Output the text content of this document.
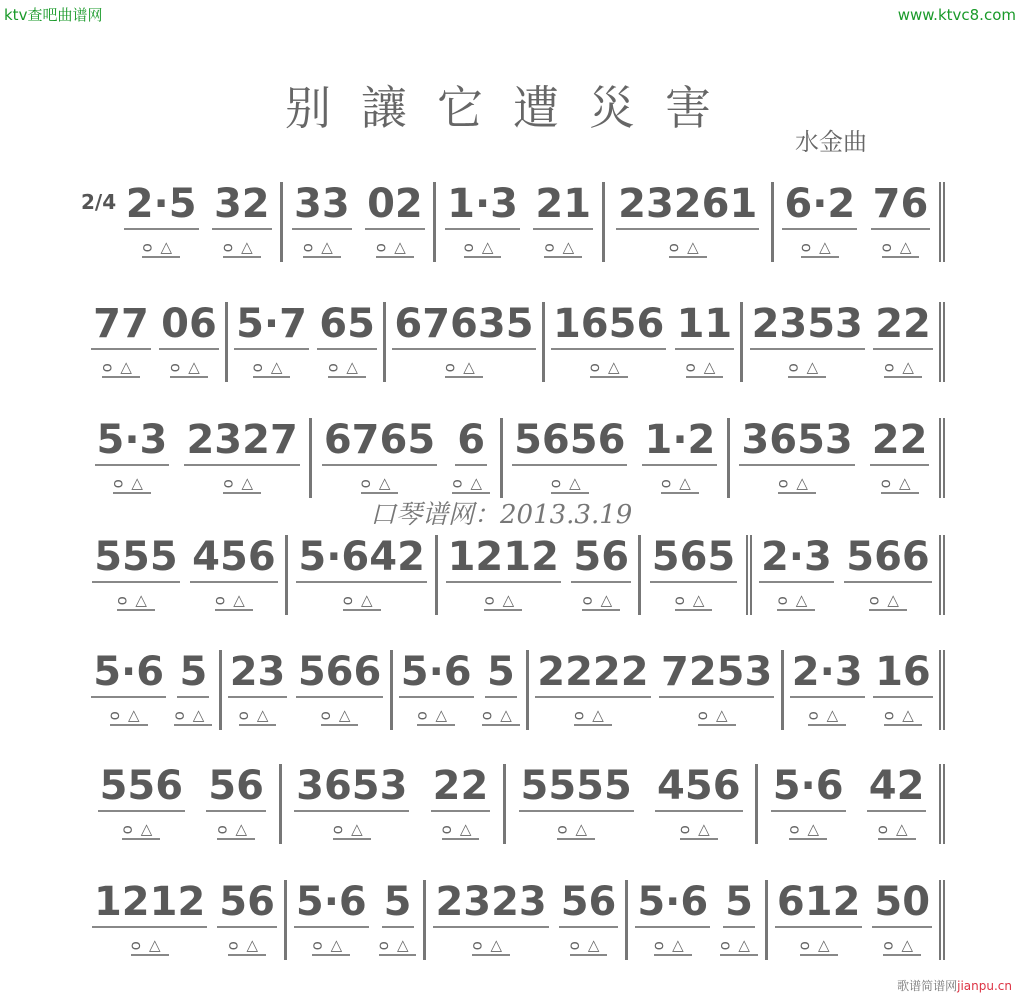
ktv查吧曲谱网	www.ktvc8.com
别讓它遭災害
水金曲
2/4 2·5
ᴑ△
32
ᴑ△
33
ᴑ△
02
ᴑ△
1·3
ᴑ△
21
ᴑ△
23261
ᴑ△
6·2
ᴑ△
76
ᴑ△
77
ᴑ△
06
ᴑ△
5·7
ᴑ△
65
ᴑ△
67635
ᴑ△
1656
ᴑ△
11
ᴑ△
2353
ᴑ△
22
ᴑ△
5·3
ᴑ△
2327
ᴑ△
6765
ᴑ△
6
ᴑ△
5656
ᴑ△
1·2
ᴑ△
3653
ᴑ△
22
ᴑ△
555
ᴑ△
456
ᴑ△
5·642
ᴑ△
1212
ᴑ△
56
ᴑ△
565
ᴑ△
2·3
ᴑ△
566
ᴑ△
5·6
ᴑ△
5
ᴑ△
23
ᴑ△
566
ᴑ△
5·6
ᴑ△
5
ᴑ△
2222
ᴑ△
7253
ᴑ△
2·3
ᴑ△
16
ᴑ△
556
ᴑ△
56
ᴑ△
3653
ᴑ△
22
ᴑ△
5555
ᴑ△
456
ᴑ△
5·6
ᴑ△
42
ᴑ△
1212
ᴑ△
56
ᴑ△
5·6
ᴑ△
5
ᴑ△
2323
ᴑ△
56
ᴑ△
5·6
ᴑ△
5
ᴑ△
612
ᴑ△
50
ᴑ△
口琴谱网：2013.3.19
歌谱简谱网jianpu.cn
